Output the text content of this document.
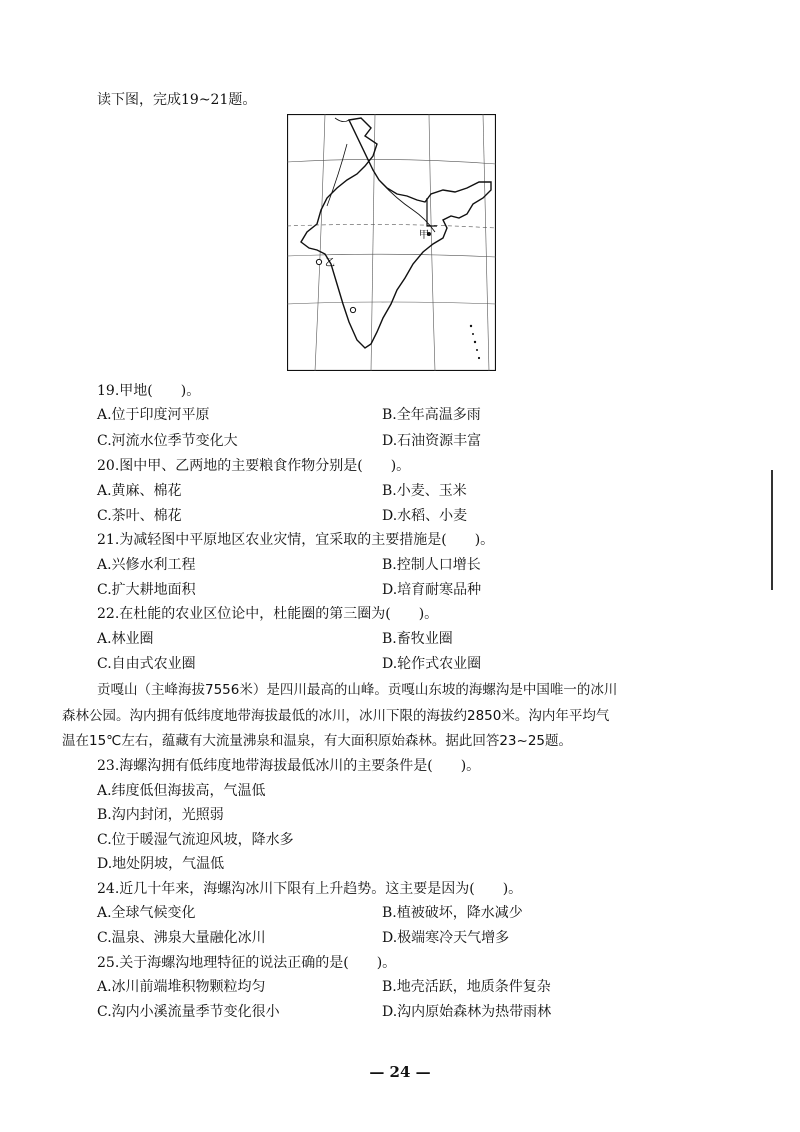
读下图，完成19~21题。
甲
乙
19.甲地(　　)。
A.位于印度河平原	B.全年高温多雨
C.河流水位季节变化大	D.石油资源丰富
20.图中甲、乙两地的主要粮食作物分别是(　　)。
A.黄麻、棉花	B.小麦、玉米
C.茶叶、棉花	D.水稻、小麦
21.为减轻图中平原地区农业灾情，宜采取的主要措施是(　　)。
A.兴修水利工程	B.控制人口增长
C.扩大耕地面积	D.培育耐寒品种
22.在杜能的农业区位论中，杜能圈的第三圈为(　　)。
A.林业圈	B.畜牧业圈
C.自由式农业圈	D.轮作式农业圈
贡嘎山（主峰海拔7556米）是四川最高的山峰。贡嘎山东坡的海螺沟是中国唯一的冰川
森林公园。沟内拥有低纬度地带海拔最低的冰川，冰川下限的海拔约2850米。沟内年平均气
温在15℃左右，蕴藏有大流量沸泉和温泉，有大面积原始森林。据此回答23~25题。
23.海螺沟拥有低纬度地带海拔最低冰川的主要条件是(　　)。
A.纬度低但海拔高，气温低
B.沟内封闭，光照弱
C.位于暖湿气流迎风坡，降水多
D.地处阴坡，气温低
24.近几十年来，海螺沟冰川下限有上升趋势。这主要是因为(　　)。
A.全球气候变化	B.植被破坏，降水减少
C.温泉、沸泉大量融化冰川	D.极端寒冷天气增多
25.关于海螺沟地理特征的说法正确的是(　　)。
A.冰川前端堆积物颗粒均匀	B.地壳活跃，地质条件复杂
C.沟内小溪流量季节变化很小	D.沟内原始森林为热带雨林
— 24 —
